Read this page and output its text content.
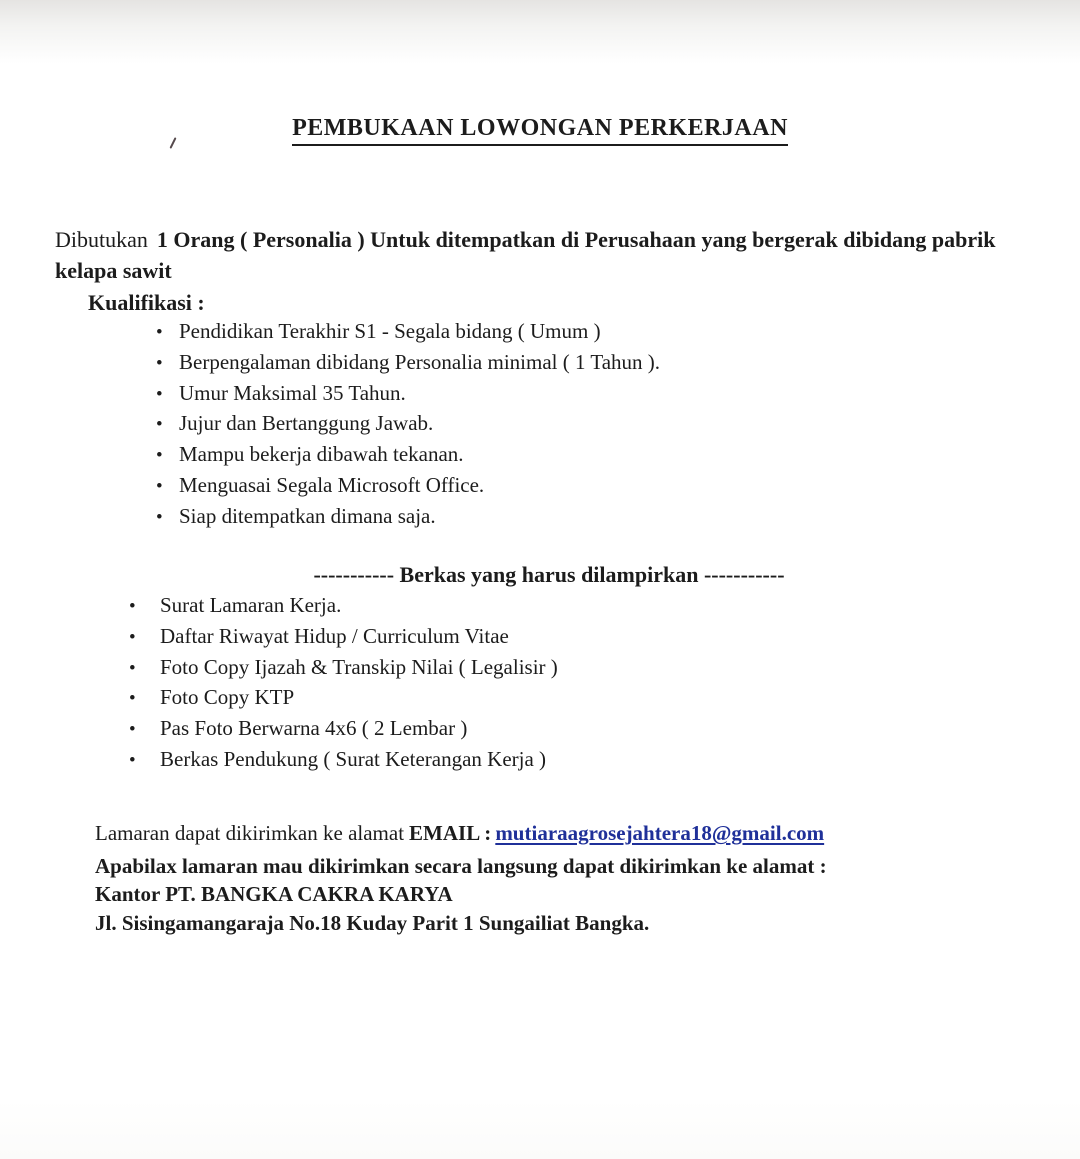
PEMBUKAAN LOWONGAN PERKERJAAN

Dibutukan 1 Orang ( Personalia ) Untuk ditempatkan di Perusahaan yang bergerak dibidang pabrik kelapa sawit

Kualifikasi :
• Pendidikan Terakhir S1 - Segala bidang ( Umum )
• Berpengalaman dibidang Personalia minimal ( 1 Tahun ).
• Umur Maksimal 35 Tahun.
• Jujur dan Bertanggung Jawab.
• Mampu bekerja dibawah tekanan.
• Menguasai Segala Microsoft Office.
• Siap ditempatkan dimana saja.
----------- Berkas yang harus dilampirkan -----------
•	Surat Lamaran Kerja.
•	Daftar Riwayat Hidup / Curriculum Vitae
•	Foto Copy Ijazah & Transkip Nilai ( Legalisir )
•	Foto Copy KTP
•	Pas Foto Berwarna 4x6 ( 2 Lembar )
•	Berkas Pendukung ( Surat Keterangan Kerja )

Lamaran dapat dikirimkan ke alamat EMAIL : mutiaraagrosejahtera18@gmail.com

Apabilax lamaran mau dikirimkan secara langsung dapat dikirimkan ke alamat :
Kantor PT. BANGKA CAKRA KARYA
Jl. Sisingamangaraja No.18 Kuday Parit 1 Sungailiat Bangka.
